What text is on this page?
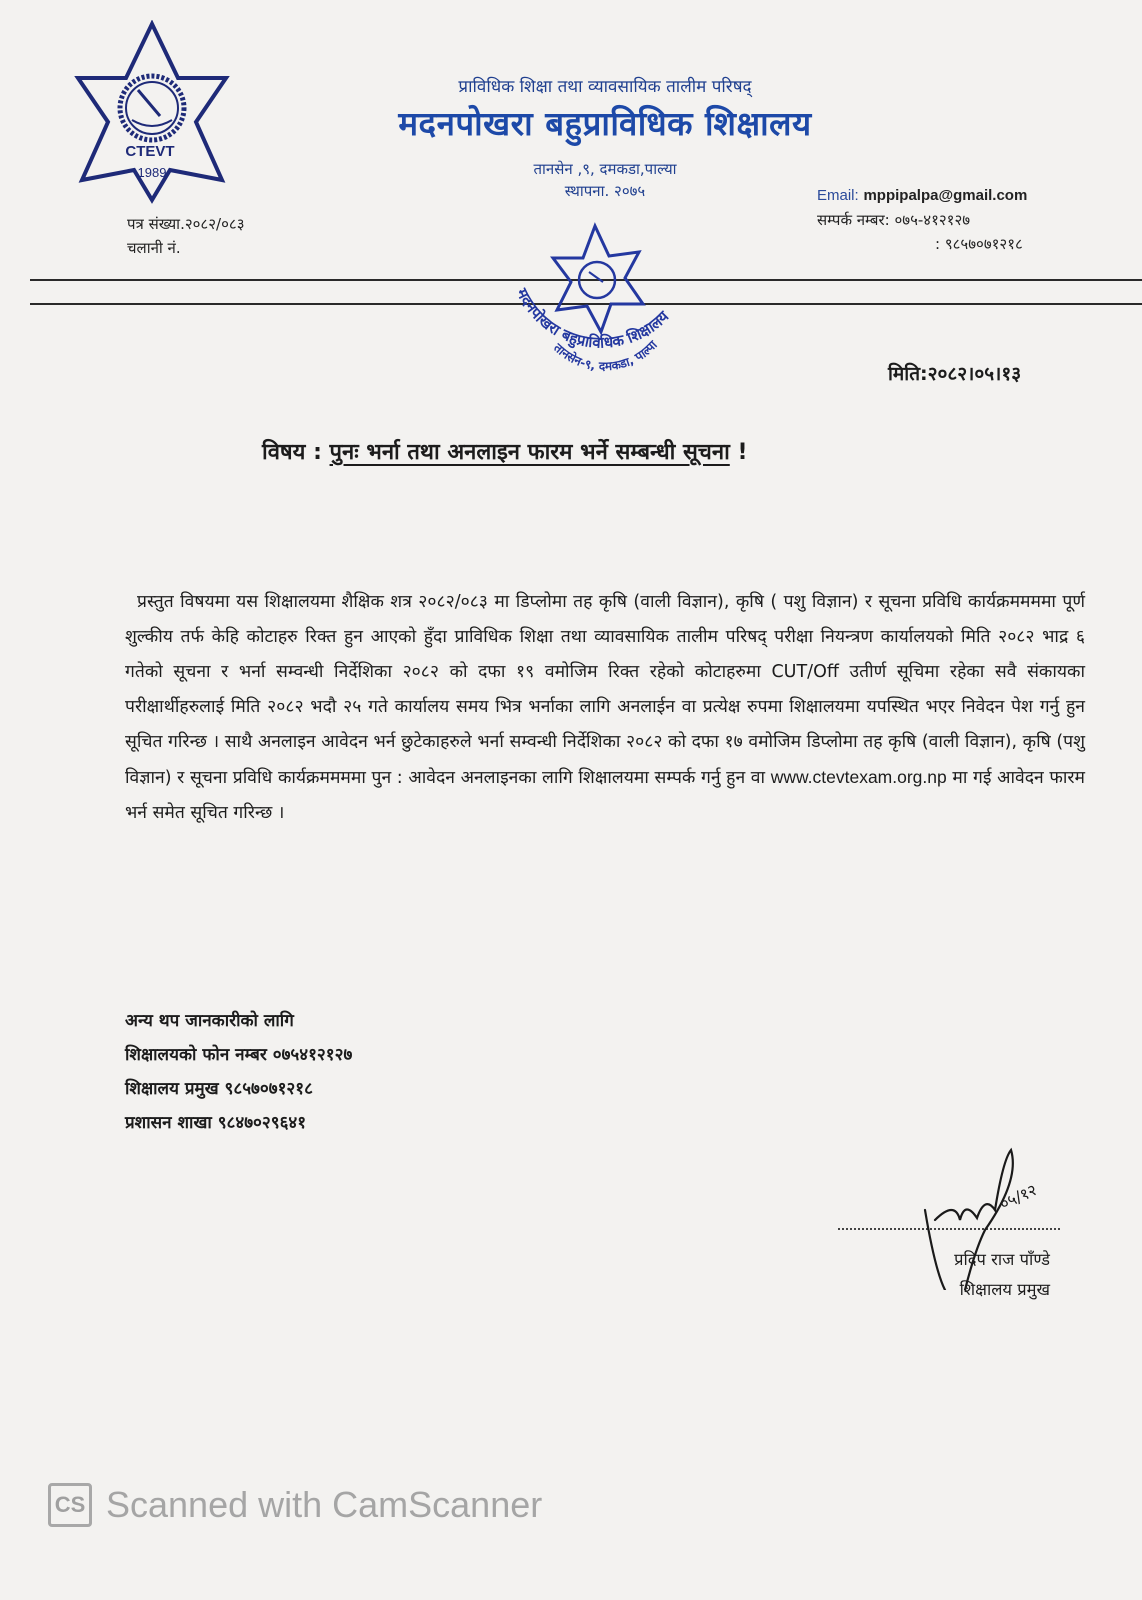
CTEVT
1989
पत्र संख्या.२०८२/०८३
चलानी नं.
प्राविधिक शिक्षा तथा व्यावसायिक तालीम परिषद्
मदनपोखरा बहुप्राविधिक शिक्षालय
तानसेन ,९, दमकडा,पाल्या
स्थापना. २०७५	Email: mppipalpa@gmail.com
सम्पर्क नम्बर: ०७५-४१२१२७
: ९८५७०७१२१८
मदनपोखरा बहुप्राविधिक शिक्षालय
तानसेन-९, दमकडा, पाल्पा
मिति:२०८२।०५।१३
विषय : पुनः भर्ना तथा अनलाइन फारम भर्ने सम्बन्धी सूचना !
प्रस्तुत विषयमा यस शिक्षालयमा शैक्षिक शत्र २०८२/०८३ मा डिप्लोमा तह कृषि (वाली विज्ञान), कृषि ( पशु विज्ञान) र सूचना प्रविधि कार्यक्रममममा पूर्ण शुल्कीय तर्फ केहि कोटाहरु रिक्त हुन आएको हुँदा प्राविधिक शिक्षा तथा व्यावसायिक तालीम परिषद् परीक्षा नियन्त्रण कार्यालयको मिति २०८२ भाद्र ६ गतेको सूचना र भर्ना सम्वन्धी निर्देशिका २०८२ को दफा १९ वमोजिम रिक्त रहेको कोटाहरुमा CUT/Off उतीर्ण सूचिमा रहेका सवै संकायका परीक्षार्थीहरुलाई मिति २०८२ भदौ २५ गते कार्यालय समय भित्र भर्नाका लागि अनलाईन वा प्रत्येक्ष रुपमा शिक्षालयमा यपस्थित भएर निवेदन पेश गर्नु हुन सूचित गरिन्छ । साथै अनलाइन आवेदन भर्न छुटेकाहरुले भर्ना सम्वन्धी निर्देशिका २०८२ को दफा १७ वमोजिम डिप्लोमा तह कृषि (वाली विज्ञान), कृषि (पशु विज्ञान) र सूचना प्रविधि कार्यक्रममममा पुन : आवेदन अनलाइनका लागि शिक्षालयमा सम्पर्क गर्नु हुन वा www.ctevtexam.org.np मा गई आवेदन फारम भर्न समेत सूचित गरिन्छ ।
अन्य थप जानकारीको लागि
शिक्षालयको फोन नम्बर ०७५४१२१२७
शिक्षालय प्रमुख ९८५७०७१२१८
प्रशासन शाखा ९८४७०२९६४१
०५/१२
प्रदिप राज पाँण्डे
शिक्षालय प्रमुख
CS Scanned with CamScanner
